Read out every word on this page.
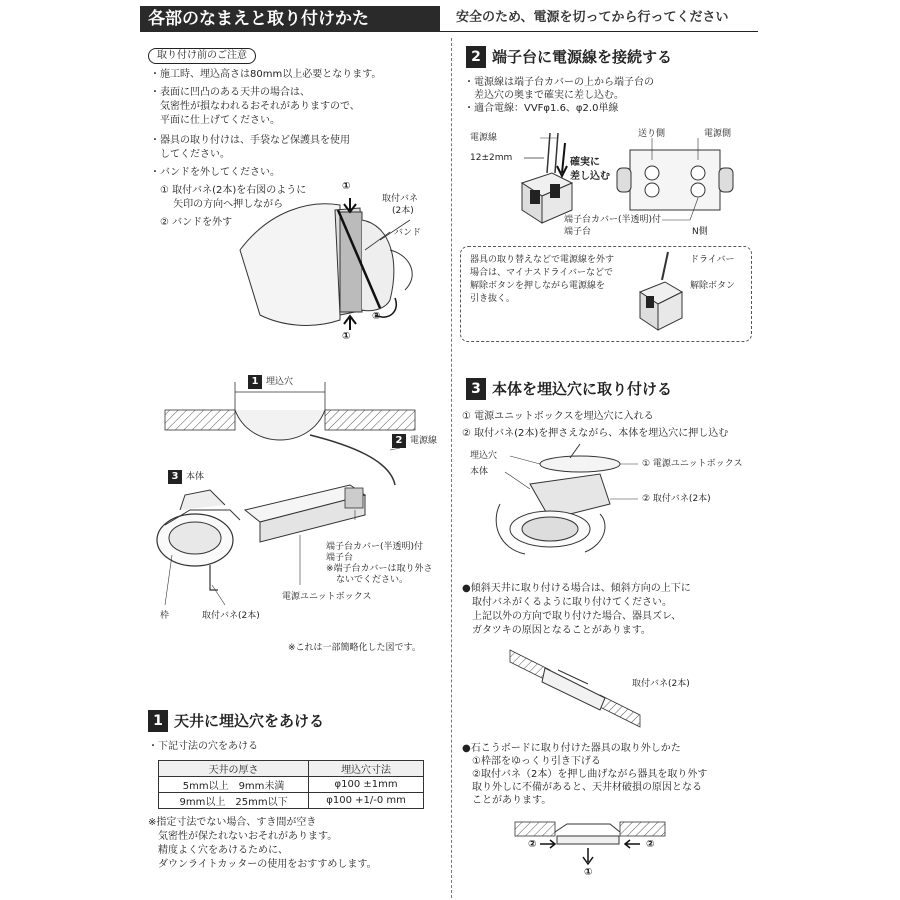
各部のなまえと取り付けかた	安全のため、電源を切ってから行ってください
取り付け前のご注意
・施工時、埋込高さは80mm以上必要となります。
・表面に凹凸のある天井の場合は、
　気密性が損なわれるおそれがありますので、
　平面に仕上げてください。
・器具の取り付けは、手袋など保護具を使用
　してください。
・バンドを外してください。
① 取付バネ(2本)を右図のように
　 矢印の方向へ押しながら
② バンドを外す
①
取付バネ
(2本)
バンド
②
①
1 埋込穴
2 電源線
3 本体
端子台カバー(半透明)付
端子台
※端子台カバーは取り外さ
ないでください。
電源ユニットボックス
枠	取付バネ(2本)
※これは一部簡略化した図です。
1 天井に埋込穴をあける
・下記寸法の穴をあける
天井の厚さ	埋込穴寸法
5mm以上　9mm未満	φ100 ±1mm
9mm以上　25mm以下	φ100 +1/-0 mm
※指定寸法でない場合、すき間が空き
　気密性が保たれないおそれがあります。
　精度よく穴をあけるために、
　ダウンライトカッターの使用をおすすめします。
2 端子台に電源線を接続する
・電源線は端子台カバーの上から端子台の
　差込穴の奥まで確実に差し込む。
・適合電線：VVFφ1.6、φ2.0単線
電源線
12±2mm	確実に
差し込む
端子台カバー(半透明)付
端子台
送り側	電源側
N側
器具の取り替えなどで電源線を外す
場合は、マイナスドライバーなどで
解除ボタンを押しながら電源線を
引き抜く。
ドライバー
解除ボタン
3 本体を埋込穴に取り付ける
① 電源ユニットボックスを埋込穴に入れる
② 取付バネ(2本)を押さえながら、本体を埋込穴に押し込む
埋込穴
本体
① 電源ユニットボックス
② 取付バネ(2本)
●傾斜天井に取り付ける場合は、傾斜方向の上下に
　取付バネがくるように取り付けてください。
　上記以外の方向で取り付けた場合、器具ズレ、
　ガタツキの原因となることがあります。
取付バネ(2本)
●石こうボードに取り付けた器具の取り外しかた
　①枠部をゆっくり引き下げる
　②取付バネ（2本）を押し曲げながら器具を取り外す
　取り外しに不備があると、天井材破損の原因となる
　ことがあります。
②	②
①
